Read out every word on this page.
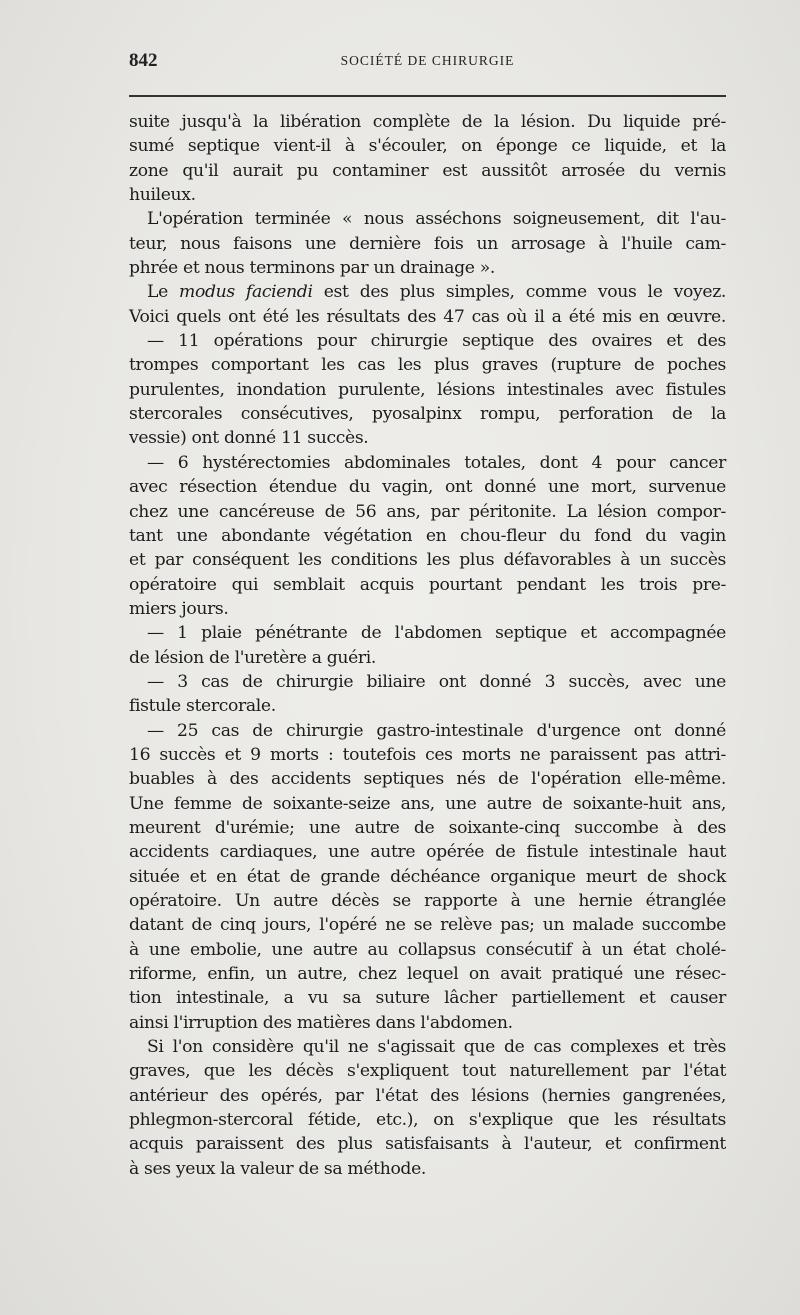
842	SOCIÉTÉ DE CHIRURGIE
suite jusqu'à la libération complète de la lésion. Du liquide pré-
sumé septique vient-il à s'écouler, on éponge ce liquide, et la
zone qu'il aurait pu contaminer est aussitôt arrosée du vernis
huileux.
L'opération terminée « nous asséchons soigneusement, dit l'au-
teur, nous faisons une dernière fois un arrosage à l'huile cam-
phrée et nous terminons par un drainage ».
Le modus faciendi est des plus simples, comme vous le voyez.
Voici quels ont été les résultats des 47 cas où il a été mis en œuvre.
— 11 opérations pour chirurgie septique des ovaires et des
trompes comportant les cas les plus graves (rupture de poches
purulentes, inondation purulente, lésions intestinales avec fistules
stercorales consécutives, pyosalpinx rompu, perforation de la
vessie) ont donné 11 succès.
— 6 hystérectomies abdominales totales, dont 4 pour cancer
avec résection étendue du vagin, ont donné une mort, survenue
chez une cancéreuse de 56 ans, par péritonite. La lésion compor-
tant une abondante végétation en chou-fleur du fond du vagin
et par conséquent les conditions les plus défavorables à un succès
opératoire qui semblait acquis pourtant pendant les trois pre-
miers jours.
— 1 plaie pénétrante de l'abdomen septique et accompagnée
de lésion de l'uretère a guéri.
— 3 cas de chirurgie biliaire ont donné 3 succès, avec une
fistule stercorale.
— 25 cas de chirurgie gastro-intestinale d'urgence ont donné
16 succès et 9 morts : toutefois ces morts ne paraissent pas attri-
buables à des accidents septiques nés de l'opération elle-même.
Une femme de soixante-seize ans, une autre de soixante-huit ans,
meurent d'urémie; une autre de soixante-cinq succombe à des
accidents cardiaques, une autre opérée de fistule intestinale haut
située et en état de grande déchéance organique meurt de shock
opératoire. Un autre décès se rapporte à une hernie étranglée
datant de cinq jours, l'opéré ne se relève pas; un malade succombe
à une embolie, une autre au collapsus consécutif à un état cholé-
riforme, enfin, un autre, chez lequel on avait pratiqué une résec-
tion intestinale, a vu sa suture lâcher partiellement et causer
ainsi l'irruption des matières dans l'abdomen.
Si l'on considère qu'il ne s'agissait que de cas complexes et très
graves, que les décès s'expliquent tout naturellement par l'état
antérieur des opérés, par l'état des lésions (hernies gangrenées,
phlegmon-stercoral fétide, etc.), on s'explique que les résultats
acquis paraissent des plus satisfaisants à l'auteur, et confirment
à ses yeux la valeur de sa méthode.
